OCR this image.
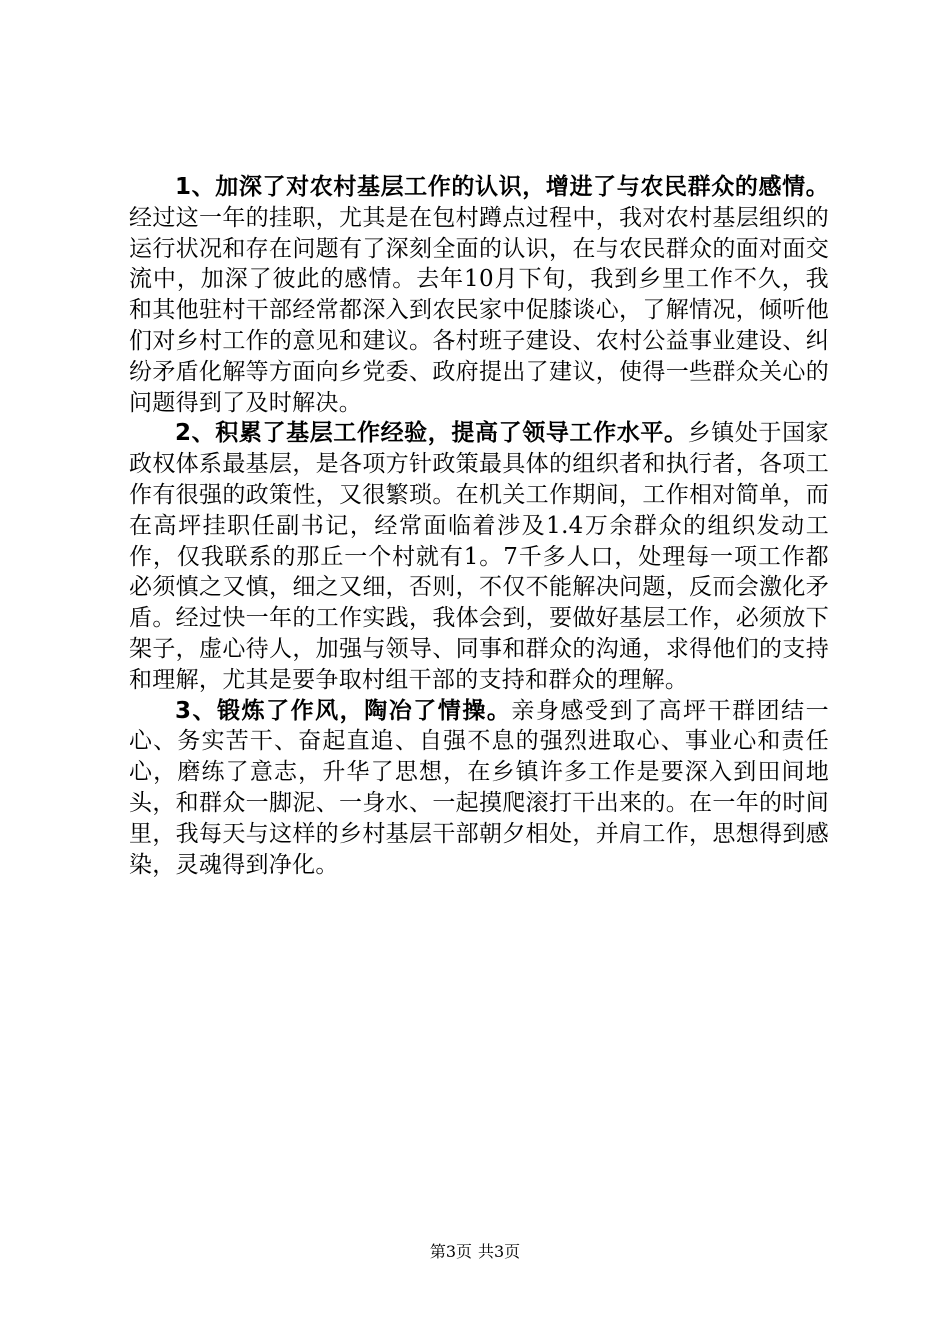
1、加深了对农村基层工作的认识，增进了与农民群众的感情。经过这一年的挂职，尤其是在包村蹲点过程中，我对农村基层组织的运行状况和存在问题有了深刻全面的认识，在与农民群众的面对面交流中，加深了彼此的感情。去年10月下旬，我到乡里工作不久，我和其他驻村干部经常都深入到农民家中促膝谈心，了解情况，倾听他们对乡村工作的意见和建议。各村班子建设、农村公益事业建设、纠纷矛盾化解等方面向乡党委、政府提出了建议，使得一些群众关心的问题得到了及时解决。

2、积累了基层工作经验，提高了领导工作水平。乡镇处于国家政权体系最基层，是各项方针政策最具体的组织者和执行者，各项工作有很强的政策性，又很繁琐。在机关工作期间，工作相对简单，而在高坪挂职任副书记，经常面临着涉及1.4万余群众的组织发动工作，仅我联系的那丘一个村就有1。7千多人口，处理每一项工作都必须慎之又慎，细之又细，否则，不仅不能解决问题，反而会激化矛盾。经过快一年的工作实践，我体会到，要做好基层工作，必须放下架子，虚心待人，加强与领导、同事和群众的沟通，求得他们的支持和理解，尤其是要争取村组干部的支持和群众的理解。

3、锻炼了作风，陶冶了情操。亲身感受到了高坪干群团结一心、务实苦干、奋起直追、自强不息的强烈进取心、事业心和责任心，磨练了意志，升华了思想，在乡镇许多工作是要深入到田间地头，和群众一脚泥、一身水、一起摸爬滚打干出来的。在一年的时间里，我每天与这样的乡村基层干部朝夕相处，并肩工作，思想得到感染，灵魂得到净化。

第3页 共3页
